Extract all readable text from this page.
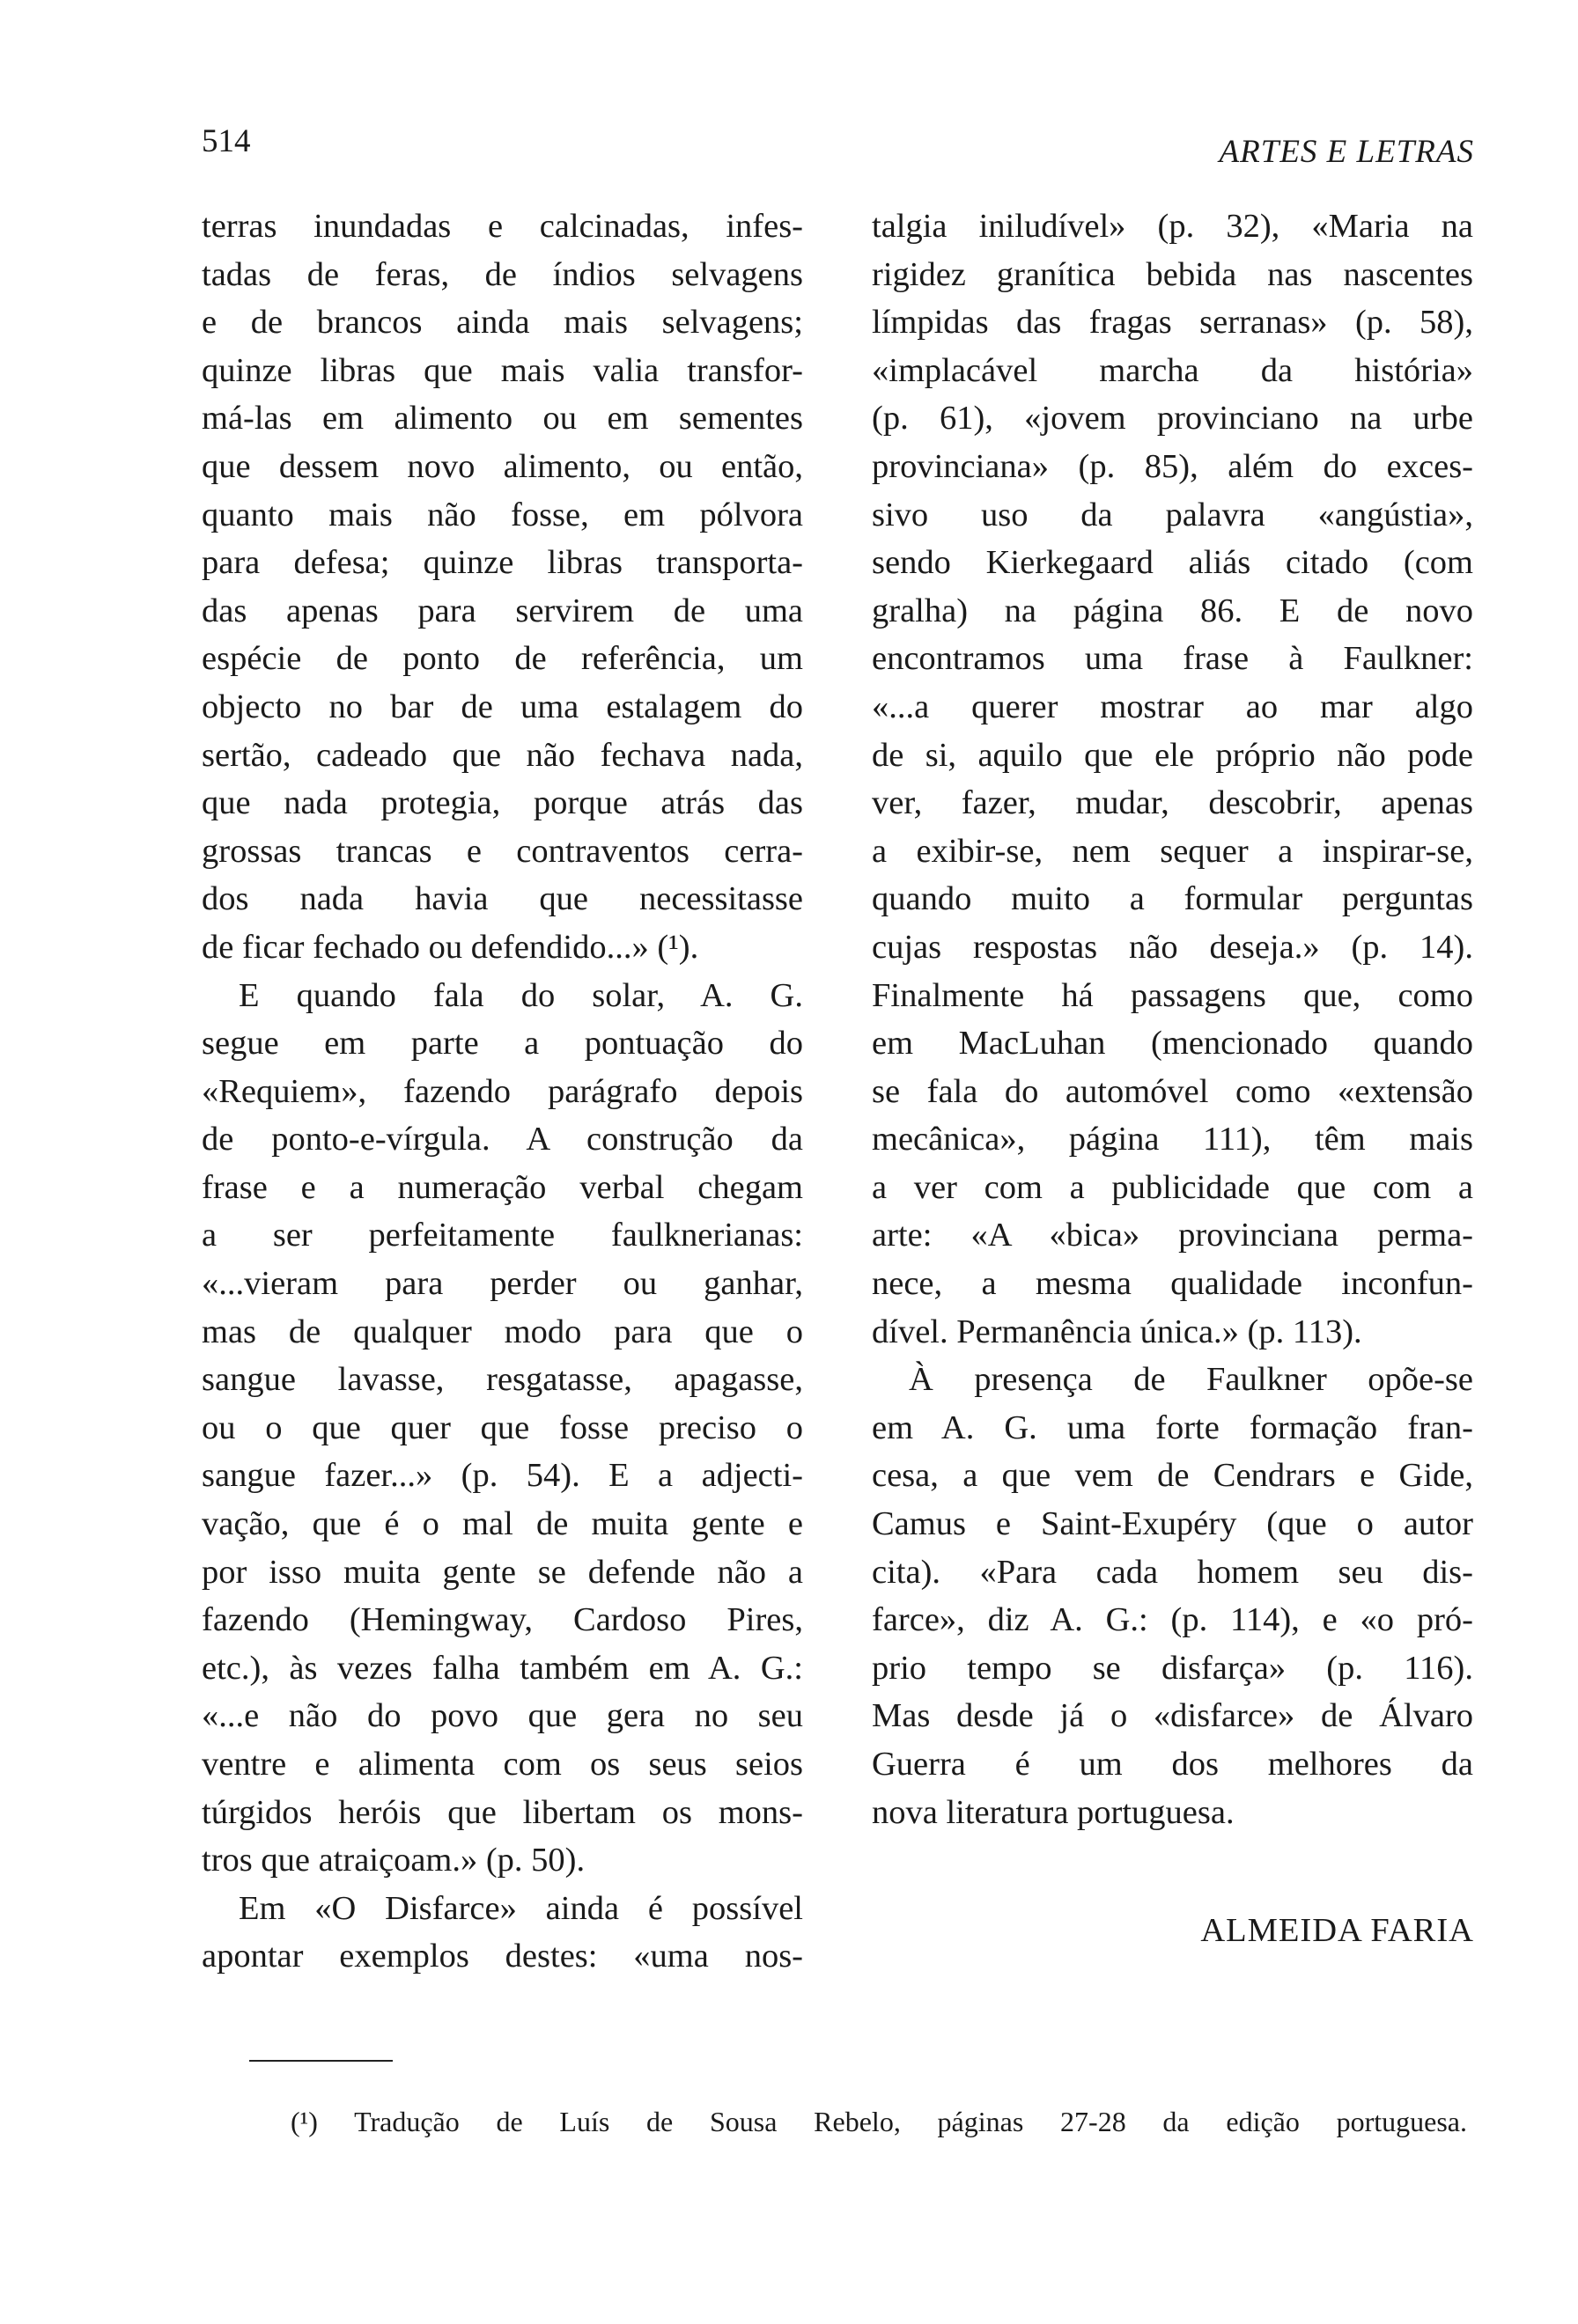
514	ARTES E LETRAS
terras inundadas e calcinadas, infes-
tadas de feras, de índios selvagens
e de brancos ainda mais selvagens;
quinze libras que mais valia transfor-
má-las em alimento ou em sementes
que dessem novo alimento, ou então,
quanto mais não fosse, em pólvora
para defesa; quinze libras transporta-
das apenas para servirem de uma
espécie de ponto de referência, um
objecto no bar de uma estalagem do
sertão, cadeado que não fechava nada,
que nada protegia, porque atrás das
grossas trancas e contraventos cerra-
dos nada havia que necessitasse
de ficar fechado ou defendido...» (¹).
E quando fala do solar, A. G.
segue em parte a pontuação do
«Requiem», fazendo parágrafo depois
de ponto-e-vírgula. A construção da
frase e a numeração verbal chegam
a ser perfeitamente faulknerianas:
«...vieram para perder ou ganhar,
mas de qualquer modo para que o
sangue lavasse, resgatasse, apagasse,
ou o que quer que fosse preciso o
sangue fazer...» (p. 54). E a adjecti-
vação, que é o mal de muita gente e
por isso muita gente se defende não a
fazendo (Hemingway, Cardoso Pires,
etc.), às vezes falha também em A. G.:
«...e não do povo que gera no seu
ventre e alimenta com os seus seios
túrgidos heróis que libertam os mons-
tros que atraiçoam.» (p. 50).
Em «O Disfarce» ainda é possível
apontar exemplos destes: «uma nos-
talgia iniludível» (p. 32), «Maria na
rigidez granítica bebida nas nascentes
límpidas das fragas serranas» (p. 58),
«implacável marcha da história»
(p. 61), «jovem provinciano na urbe
provinciana» (p. 85), além do exces-
sivo uso da palavra «angústia»,
sendo Kierkegaard aliás citado (com
gralha) na página 86. E de novo
encontramos uma frase à Faulkner:
«...a querer mostrar ao mar algo
de si, aquilo que ele próprio não pode
ver, fazer, mudar, descobrir, apenas
a exibir-se, nem sequer a inspirar-se,
quando muito a formular perguntas
cujas respostas não deseja.» (p. 14).
Finalmente há passagens que, como
em MacLuhan (mencionado quando
se fala do automóvel como «extensão
mecânica», página 111), têm mais
a ver com a publicidade que com a
arte: «A «bica» provinciana perma-
nece, a mesma qualidade inconfun-
dível. Permanência única.» (p. 113).
À presença de Faulkner opõe-se
em A. G. uma forte formação fran-
cesa, a que vem de Cendrars e Gide,
Camus e Saint-Exupéry (que o autor
cita). «Para cada homem seu dis-
farce», diz A. G.: (p. 114), e «o pró-
prio tempo se disfarça» (p. 116).
Mas desde já o «disfarce» de Álvaro
Guerra é um dos melhores da
nova literatura portuguesa.
ALMEIDA FARIA
(¹) Tradução de Luís de Sousa Rebelo, páginas 27-28 da edição portuguesa.
